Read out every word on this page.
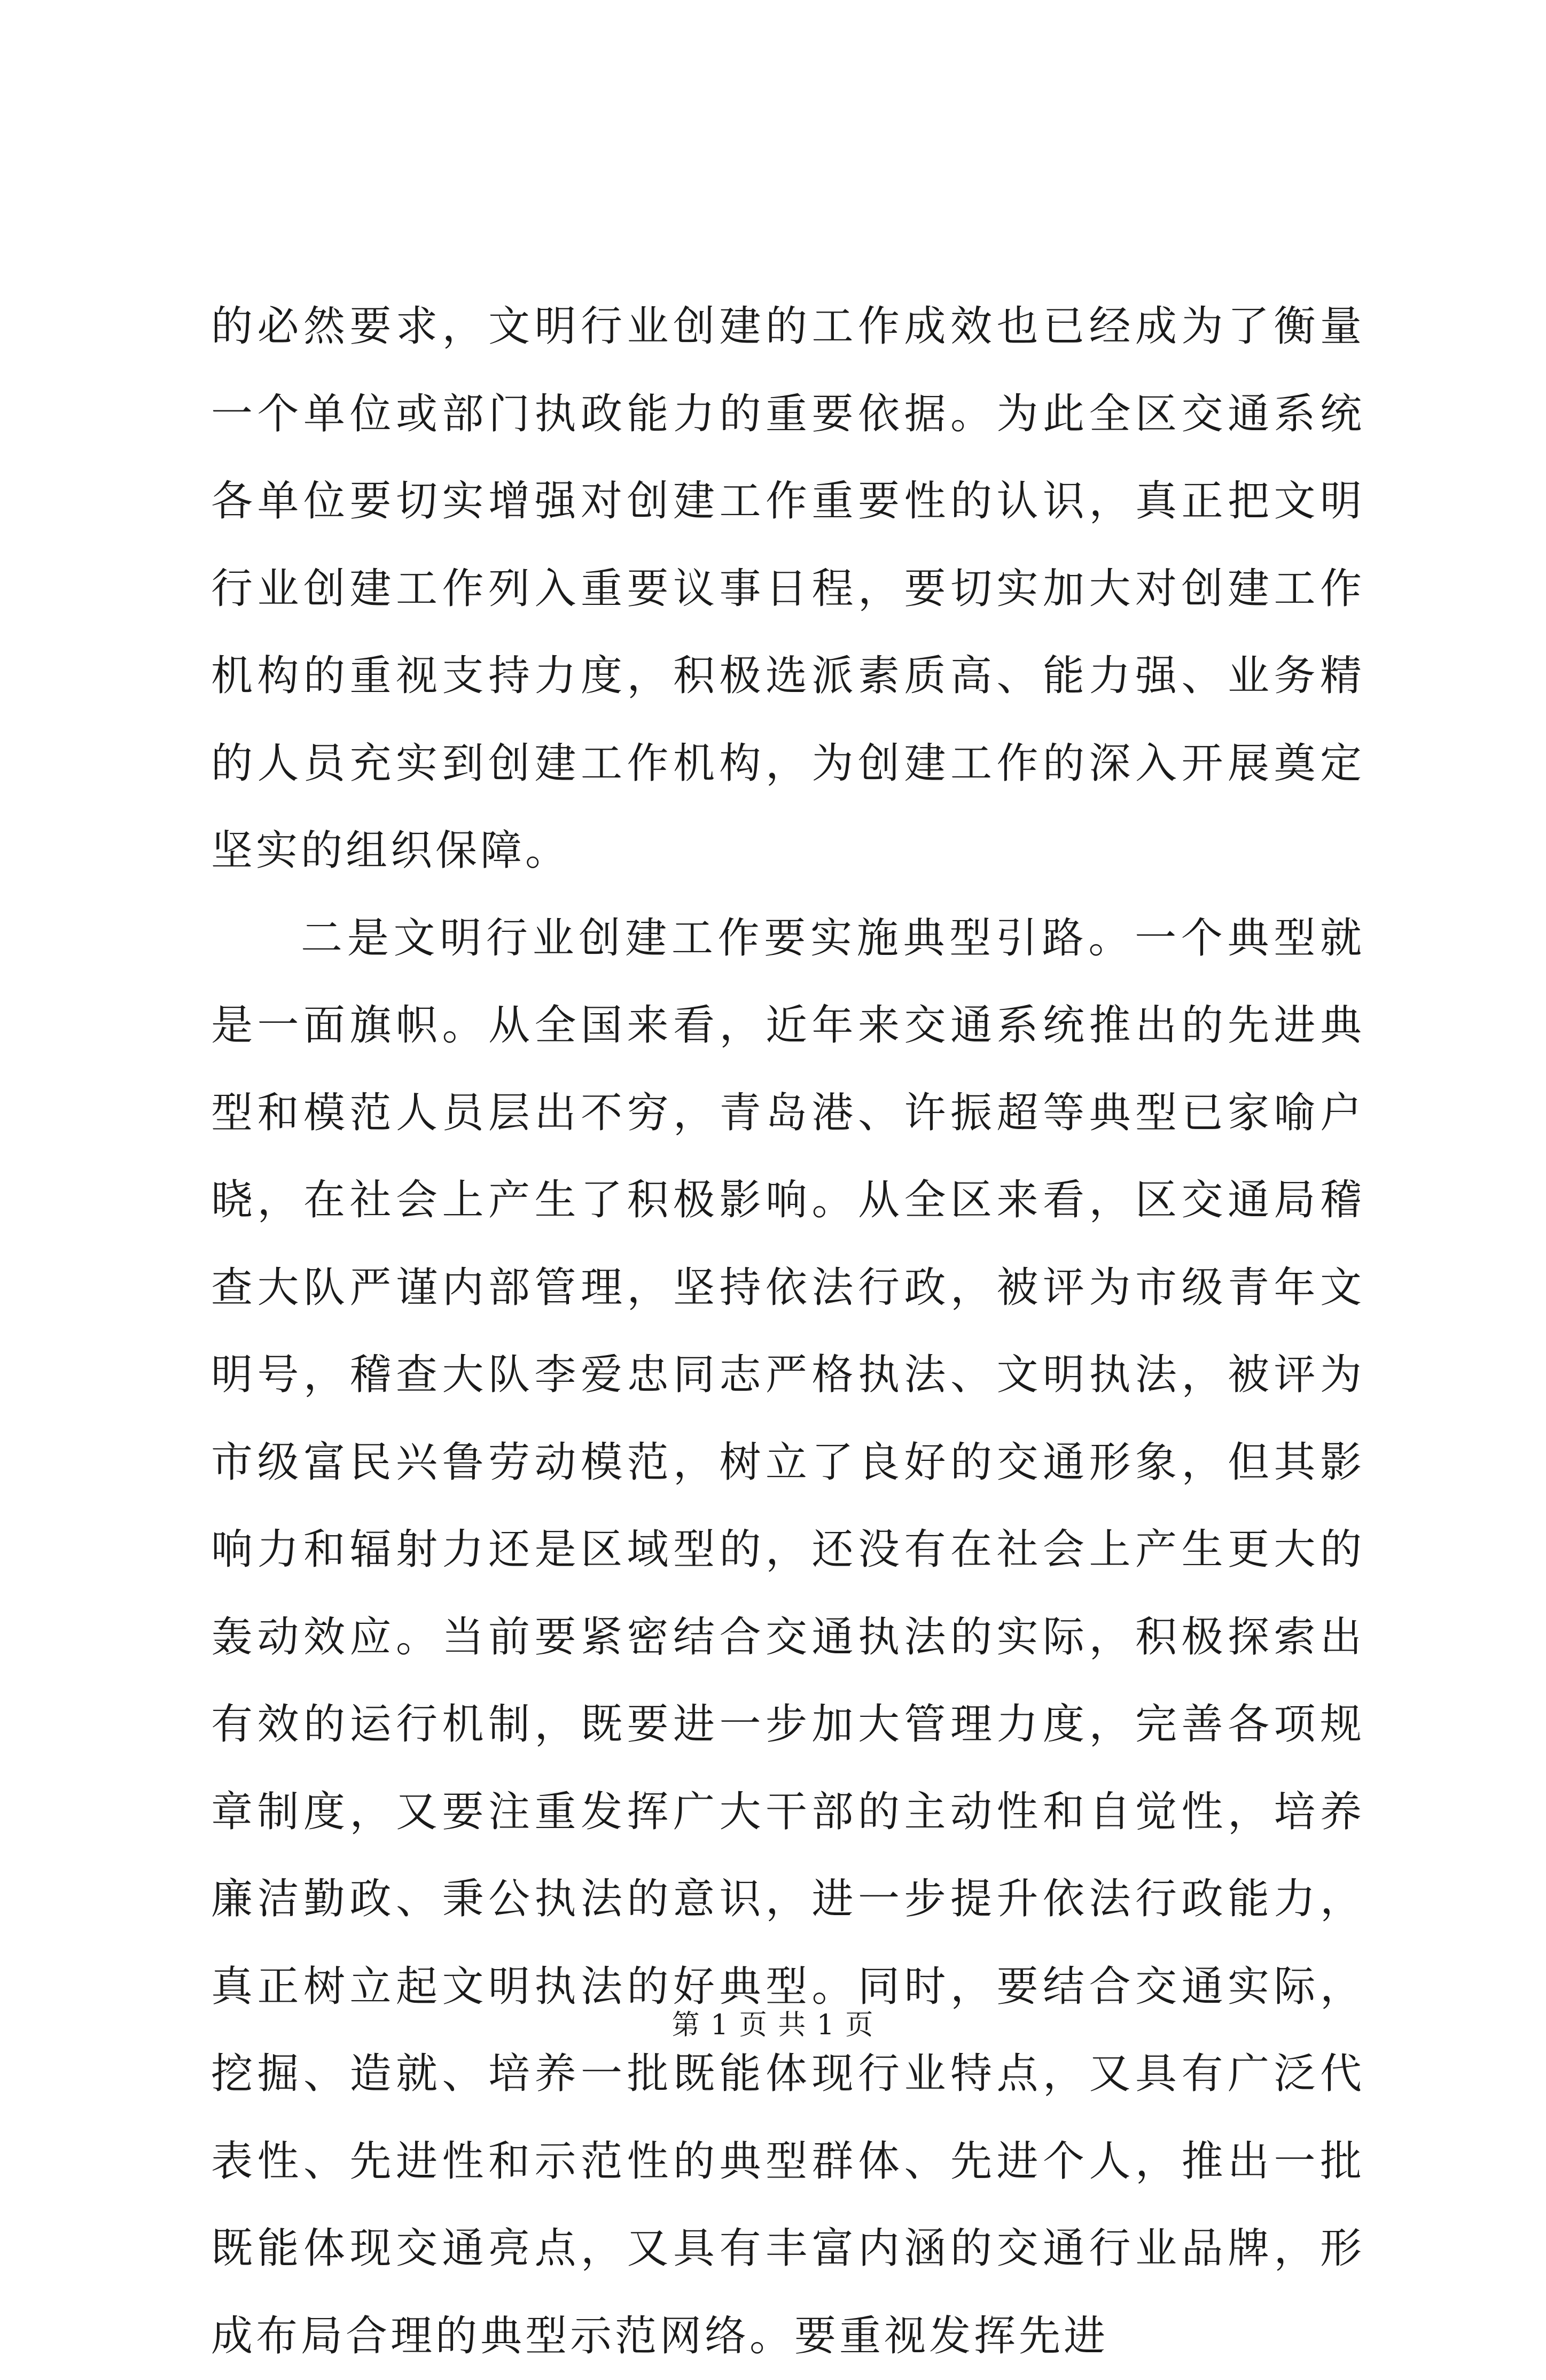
的必然要求，文明行业创建的工作成效也已经成为了衡量一个单位或部门执政能力的重要依据。为此全区交通系统各单位要切实增强对创建工作重要性的认识，真正把文明行业创建工作列入重要议事日程，要切实加大对创建工作机构的重视支持力度，积极选派素质高、能力强、业务精的人员充实到创建工作机构，为创建工作的深入开展奠定坚实的组织保障。

二是文明行业创建工作要实施典型引路。一个典型就是一面旗帜。从全国来看，近年来交通系统推出的先进典型和模范人员层出不穷，青岛港、许振超等典型已家喻户晓，在社会上产生了积极影响。从全区来看，区交通局稽查大队严谨内部管理，坚持依法行政，被评为市级青年文明号，稽查大队李爱忠同志严格执法、文明执法，被评为市级富民兴鲁劳动模范，树立了良好的交通形象，但其影响力和辐射力还是区域型的，还没有在社会上产生更大的轰动效应。当前要紧密结合交通执法的实际，积极探索出有效的运行机制，既要进一步加大管理力度，完善各项规章制度，又要注重发挥广大干部的主动性和自觉性，培养廉洁勤政、秉公执法的意识，进一步提升依法行政能力，真正树立起文明执法的好典型。同时，要结合交通实际，挖掘、造就、培养一批既能体现行业特点，又具有广泛代表性、先进性和示范性的典型群体、先进个人，推出一批既能体现交通亮点，又具有丰富内涵的交通行业品牌，形成布局合理的典型示范网络。要重视发挥先进

第 1 页 共 1 页
